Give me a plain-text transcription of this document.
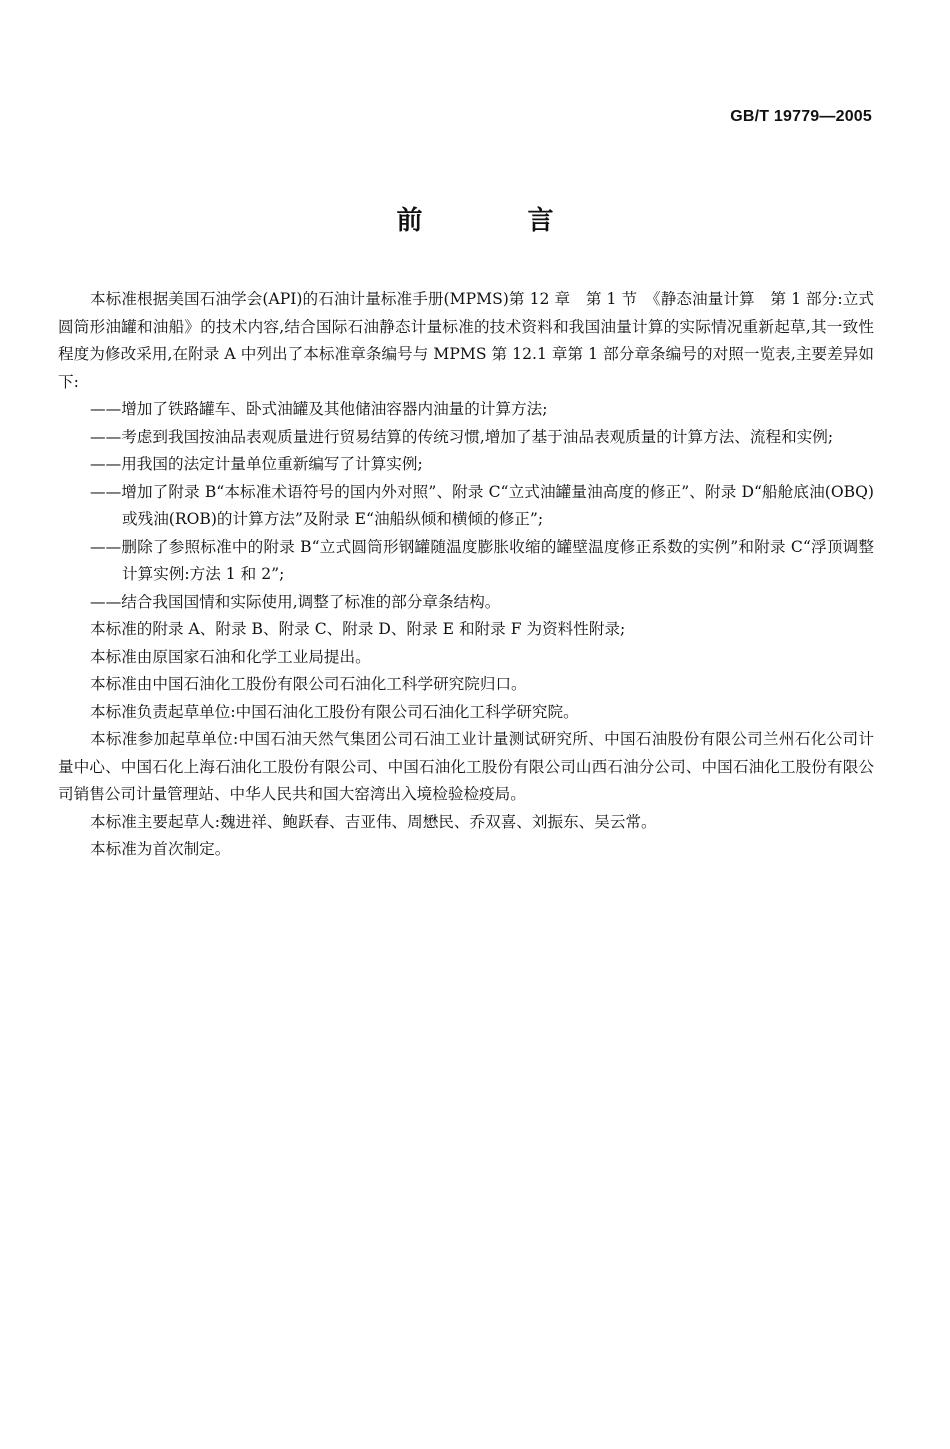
GB/T 19779—2005
前 言

本标准根据美国石油学会(API)的石油计量标准手册(MPMS)第 12 章　第 1 节　《静态油量计算　第 1 部分:立式圆筒形油罐和油船》的技术内容,结合国际石油静态计量标准的技术资料和我国油量计算的实际情况重新起草,其一致性程度为修改采用,在附录 A 中列出了本标准章条编号与 MPMS 第 12.1 章第 1 部分章条编号的对照一览表,主要差异如下:

——增加了铁路罐车、卧式油罐及其他储油容器内油量的计算方法;

——考虑到我国按油品表观质量进行贸易结算的传统习惯,增加了基于油品表观质量的计算方法、流程和实例;

——用我国的法定计量单位重新编写了计算实例;

——增加了附录 B“本标准术语符号的国内外对照”、附录 C“立式油罐量油高度的修正”、附录 D“船舱底油(OBQ)或残油(ROB)的计算方法”及附录 E“油船纵倾和横倾的修正”;

——删除了参照标准中的附录 B“立式圆筒形钢罐随温度膨胀收缩的罐壁温度修正系数的实例”和附录 C“浮顶调整计算实例:方法 1 和 2”;

——结合我国国情和实际使用,调整了标准的部分章条结构。

本标准的附录 A、附录 B、附录 C、附录 D、附录 E 和附录 F 为资料性附录;

本标准由原国家石油和化学工业局提出。

本标准由中国石油化工股份有限公司石油化工科学研究院归口。

本标准负责起草单位:中国石油化工股份有限公司石油化工科学研究院。

本标准参加起草单位:中国石油天然气集团公司石油工业计量测试研究所、中国石油股份有限公司兰州石化公司计量中心、中国石化上海石油化工股份有限公司、中国石油化工股份有限公司山西石油分公司、中国石油化工股份有限公司销售公司计量管理站、中华人民共和国大窑湾出入境检验检疫局。

本标准主要起草人:魏进祥、鲍跃春、吉亚伟、周懋民、乔双喜、刘振东、吴云常。

本标准为首次制定。
